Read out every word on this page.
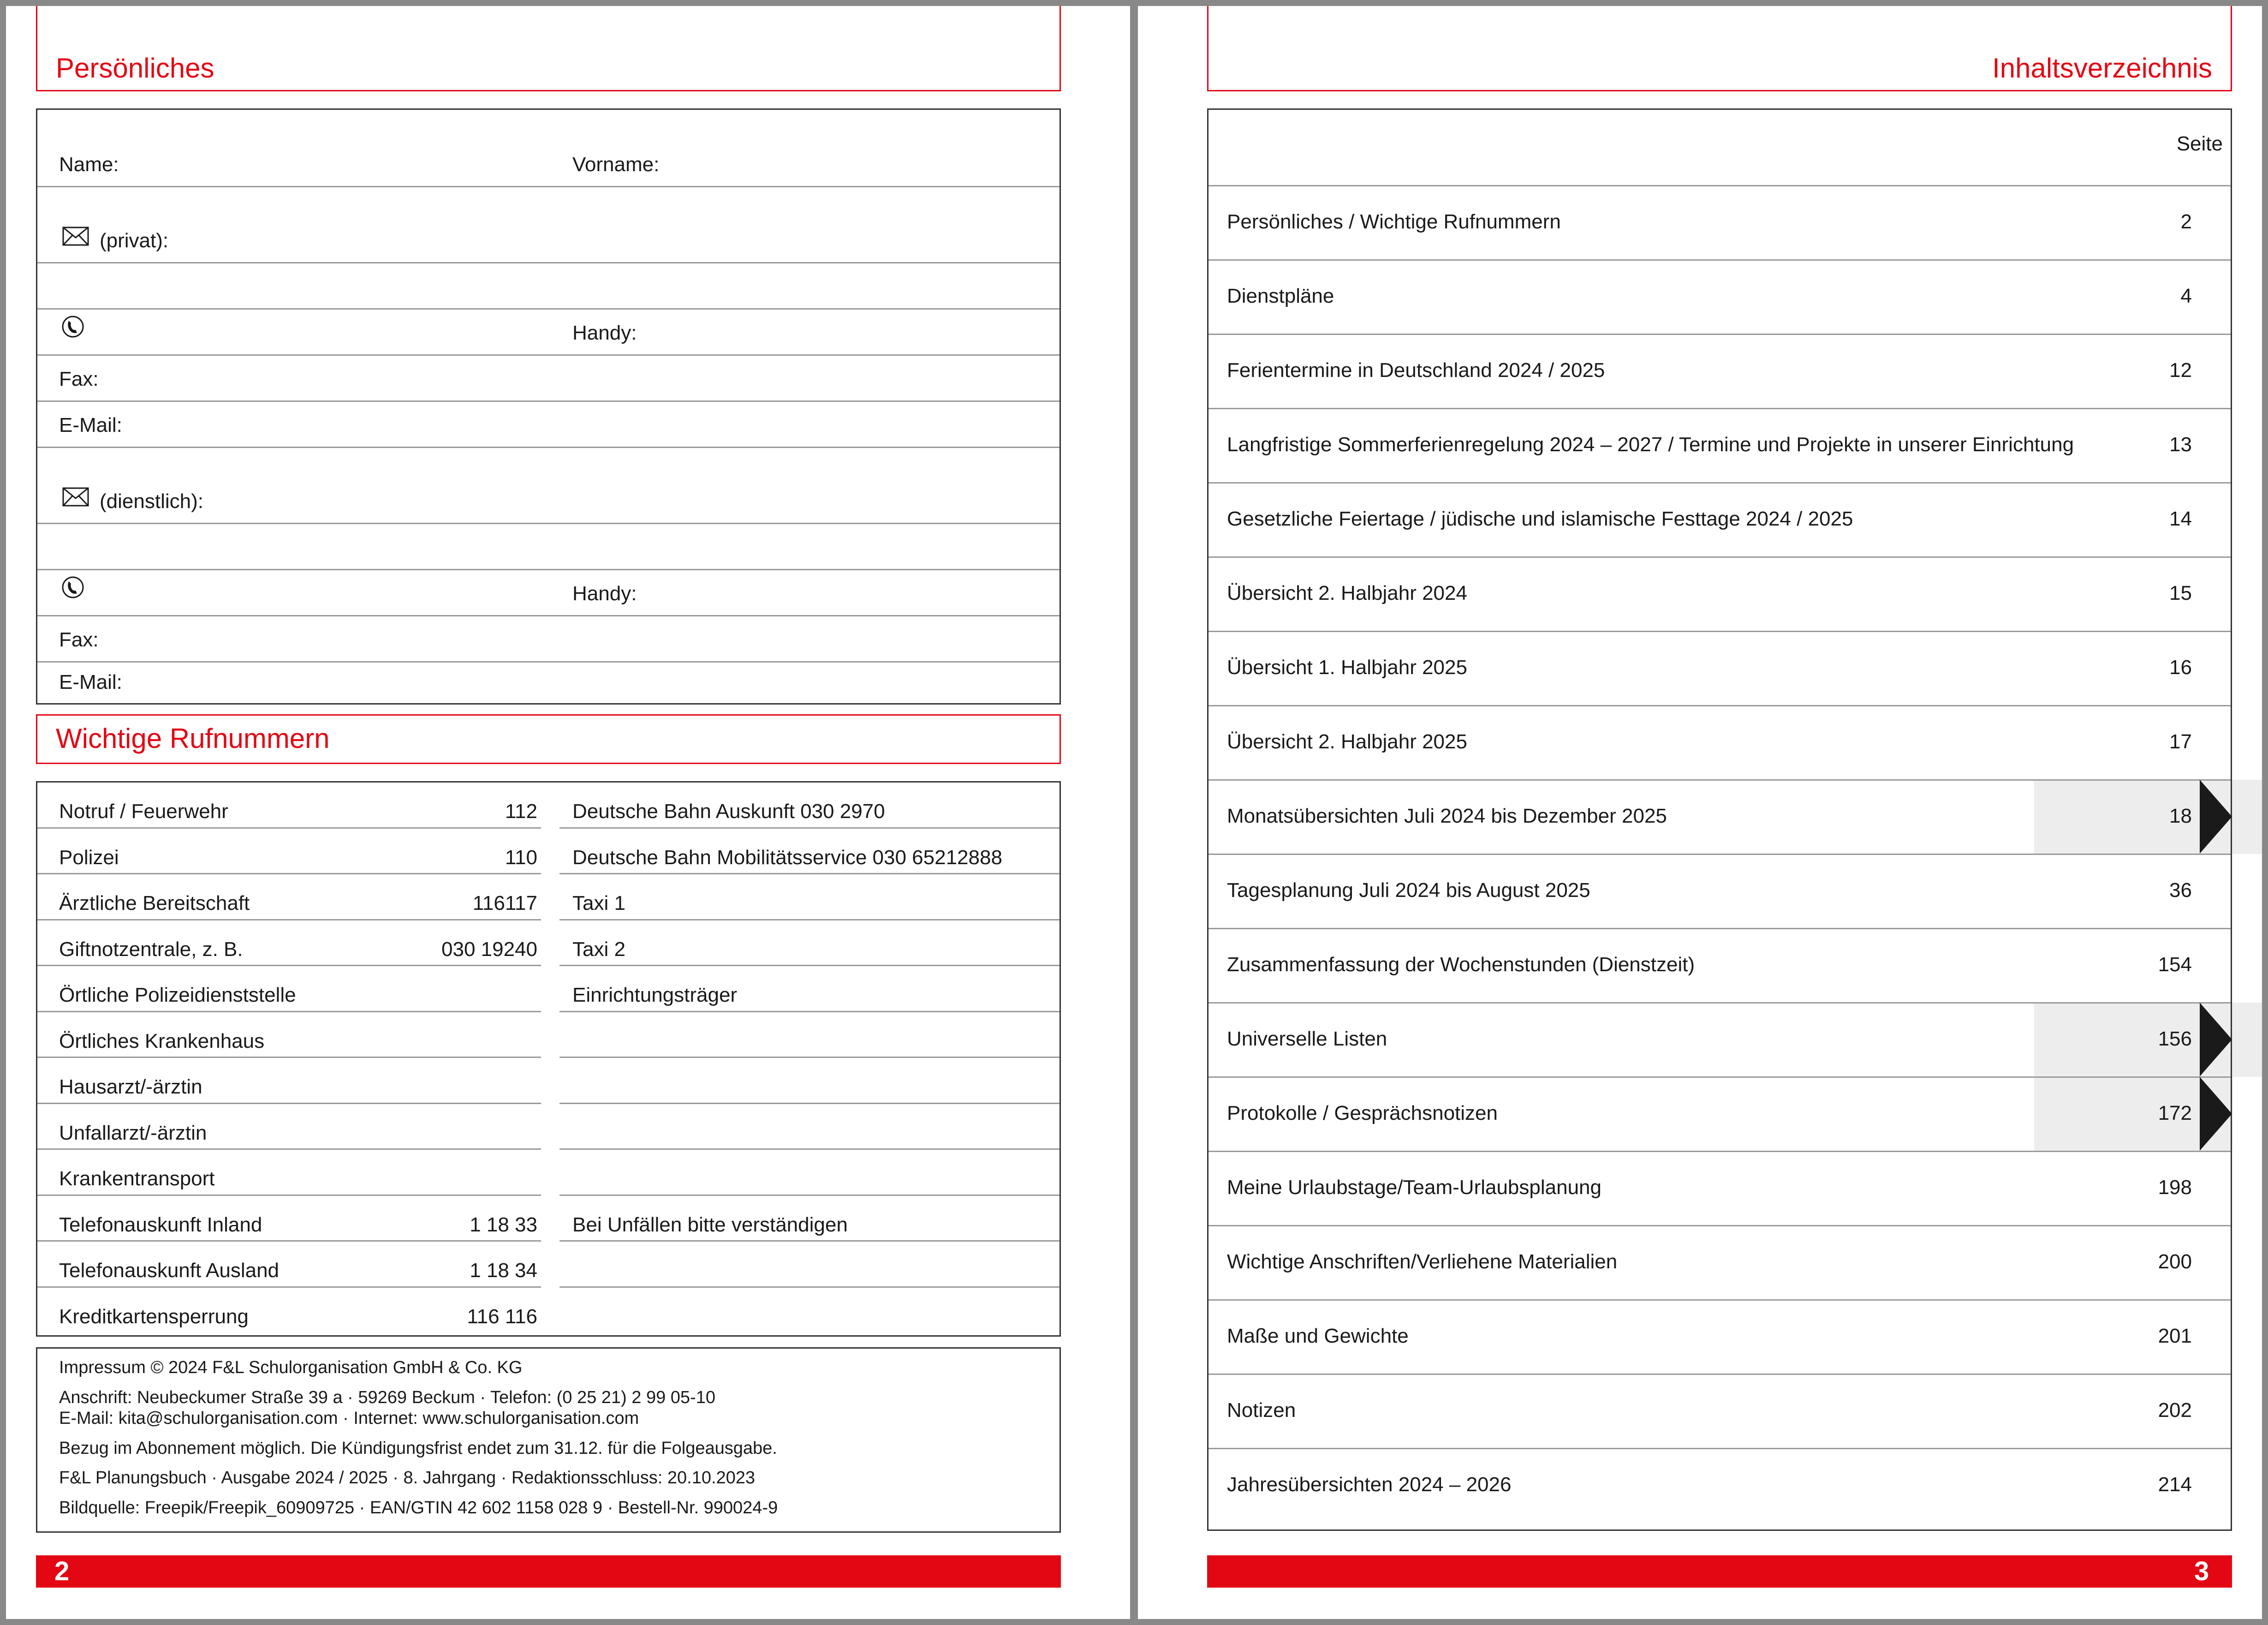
Persönliches
Name:	Vorname:
(privat):
Handy:
Fax:
E-Mail:
(dienstlich):
Handy:
Fax:
E-Mail:
Wichtige Rufnummern
Notruf / Feuerwehr	112 Deutsche Bahn Auskunft 030 2970
Polizei	110 Deutsche Bahn Mobilitätsservice 030 65212888
Ärztliche Bereitschaft	116117 Taxi 1
Giftnotzentrale, z. B.	030 19240 Taxi 2
Örtliche Polizeidienststelle	Einrichtungsträger
Örtliches Krankenhaus
Hausarzt/-ärztin
Unfallarzt/-ärztin
Krankentransport
Telefonauskunft Inland	1 18 33 Bei Unfällen bitte verständigen
Telefonauskunft Ausland	1 18 34
Kreditkartensperrung	116 116
Impressum © 2024 F&L Schulorganisation GmbH & Co. KG
Anschrift: Neubeckumer Straße 39 a · 59269 Beckum · Telefon: (0 25 21) 2 99 05-10
E-Mail: kita@schulorganisation.com · Internet: www.schulorganisation.com
Bezug im Abonnement möglich. Die Kündigungsfrist endet zum 31.12. für die Folgeausgabe.
F&L Planungsbuch · Ausgabe 2024 / 2025 · 8. Jahrgang · Redaktionsschluss: 20.10.2023
Bildquelle: Freepik/Freepik_60909725 · EAN/GTIN 42 602 1158 028 9 · Bestell-Nr. 990024-9
2
Inhaltsverzeichnis
Seite
Persönliches / Wichtige Rufnummern	2
Dienstpläne	4
Ferientermine in Deutschland 2024 / 2025	12
Langfristige Sommerferienregelung 2024 – 2027 / Termine und Projekte in unserer Einrichtung	13
Gesetzliche Feiertage / jüdische und islamische Festtage 2024 / 2025	14
Übersicht 2. Halbjahr 2024	15
Übersicht 1. Halbjahr 2025	16
Übersicht 2. Halbjahr 2025	17
Monatsübersichten Juli 2024 bis Dezember 2025	18
Tagesplanung Juli 2024 bis August 2025	36
Zusammenfassung der Wochenstunden (Dienstzeit)	154
Universelle Listen	156
Protokolle / Gesprächsnotizen	172
Meine Urlaubstage/Team-Urlaubsplanung	198
Wichtige Anschriften/Verliehene Materialien	200
Maße und Gewichte	201
Notizen	202
Jahresübersichten 2024 – 2026	214
3
